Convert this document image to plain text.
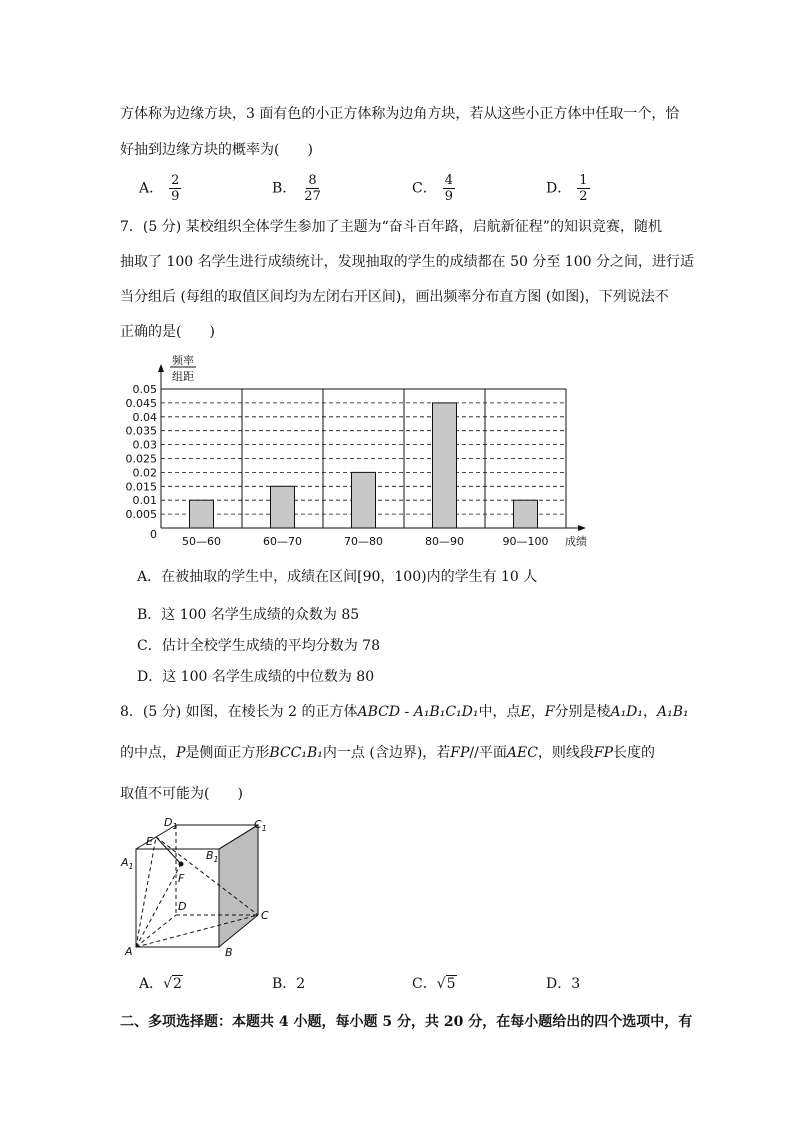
方体称为边缘方块，3 面有色的小正方体称为边角方块，若从这些小正方体中任取一个，恰
好抽到边缘方块的概率为(　　)
A． $\frac{2}{9}$	B． $\frac{8}{27}$	C． $\frac{4}{9}$	D． $\frac{1}{2}$
7．(5 分) 某校组织全体学生参加了主题为“奋斗百年路，启航新征程”的知识竞赛，随机
抽取了 100 名学生进行成绩统计，发现抽取的学生的成绩都在 50 分至 100 分之间，进行适
当分组后 (每组的取值区间均为左闭右开区间)，画出频率分布直方图 (如图)，下列说法不
正确的是(　　)
频率
组距
0.05
0.045
0.04
0.035
0.03
0.025
0.02
0.015
0.01
0.005
0
50—60	60—70	70—80	80—90	90—100 成绩
A．在被抽取的学生中，成绩在区间[90，100)内的学生有 10 人
B．这 100 名学生成绩的众数为 85
C．估计全校学生成绩的平均分数为 78
D．这 100 名学生成绩的中位数为 80
8．(5 分) 如图，在棱长为 2 的正方体ABCD - A₁B₁C₁D₁中，点E，F分别是棱A₁D₁，A₁B₁
的中点，P是侧面正方形BCC₁B₁内一点 (含边界)，若FP//平面AEC，则线段FP长度的
取值不可能为(　　)
$D_1$	$C_1$
E
$A_1$
$B_1$
F
D
C
A	B
A．√2	B．2	C．√5	D．3
二、多项选择题：本题共 4 小题，每小题 5 分，共 20 分，在每小题给出的四个选项中，有
